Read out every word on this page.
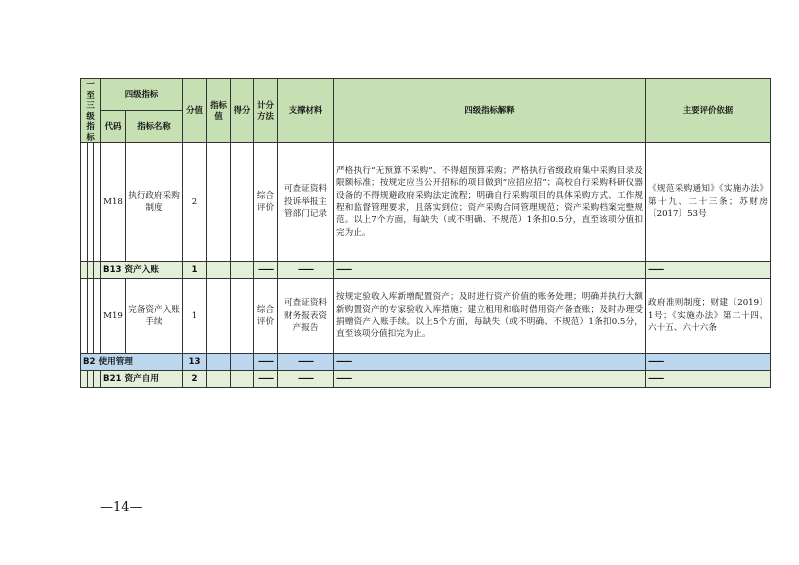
一至三级指标			四级指标		分值	指标值	得分	计分方法	支撑材料	四级指标解释	主要评价依据
			代码	指标名称							
			M18	执行政府采购制度	2			综合评价	可查证资料投诉举报主管部门记录	严格执行“无预算不采购”、不得超预算采购；严格执行省级政府集中采购目录及限额标准；按规定应当公开招标的项目做到“应招应招”；高校自行采购科研仪器设备的不得规避政府采购法定流程；明确自行采购项目的具体采购方式、工作规程和监督管理要求，且落实到位；资产采购合同管理规范；资产采购档案完整规范。以上7个方面，每缺失（或不明确、不规范）1条扣0.5分，直至该项分值扣完为止。	《规范采购通知》《实施办法》第十九、二十三条；苏财房〔2017〕53号
			B13 资产入账		1			——	——	——	——
			M19	完备资产入账手续	1			综合评价	可查证资料财务报表资产报告	按规定验收入库新增配置资产；及时进行资产价值的账务处理；明确并执行大额新购置资产的专家验收入库措施；建立租用和临时借用资产备查账；及时办理受捐赠资产入账手续。以上5个方面，每缺失（或不明确、不规范）1条扣0.5分，直至该项分值扣完为止。	政府准则制度；财建〔2019〕1号；《实施办法》第二十四、六十五、六十六条
B2 使用管理					13			——	——	——	——
			B21 资产自用		2			——	——	——	——
—14—
